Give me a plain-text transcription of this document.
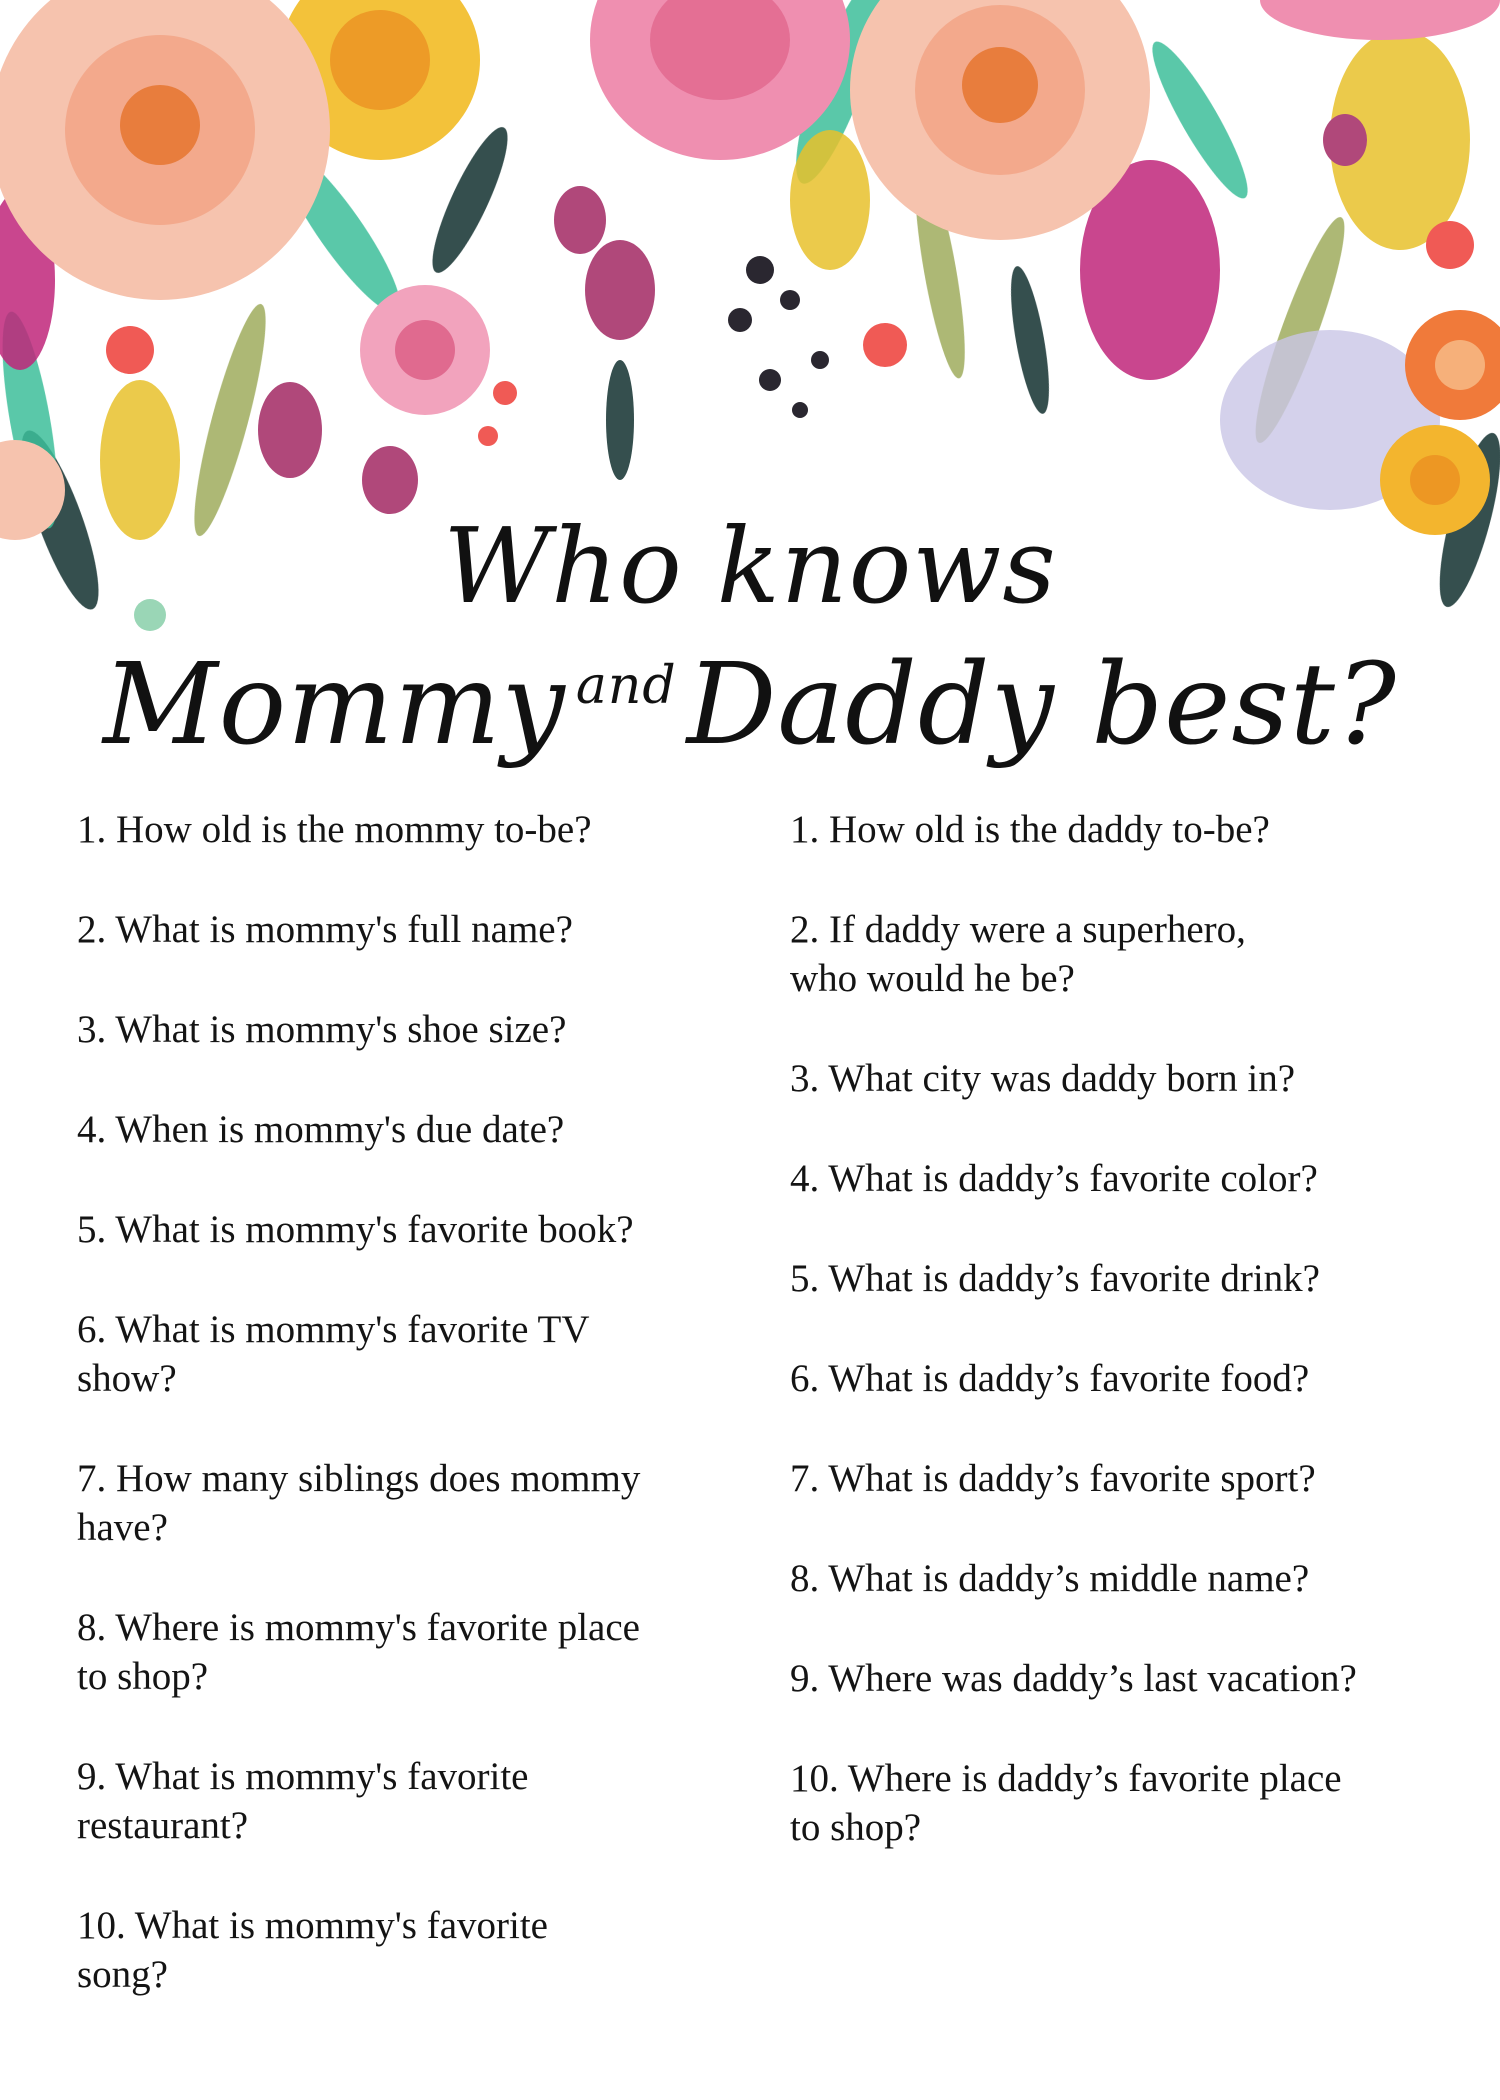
Who knows
Mommy $^{and}$Daddy best?
1. How old is the mommy to-be?
2. What is mommy's full name?
3. What is mommy's shoe size?
4. When is mommy's due date?
5. What is mommy's favorite book?
6. What is mommy's favorite TV
show?
7. How many siblings does mommy
have?
8. Where is mommy's favorite place
to shop?
9. What is mommy's favorite
restaurant?
10. What is mommy's favorite
song?
1. How old is the daddy to-be?
2. If daddy were a superhero,
who would he be?
3. What city was daddy born in?
4. What is daddy’s favorite color?
5. What is daddy’s favorite drink?
6. What is daddy’s favorite food?
7. What is daddy’s favorite sport?
8. What is daddy’s middle name?
9. Where was daddy’s last vacation?
10. Where is daddy’s favorite place
to shop?
